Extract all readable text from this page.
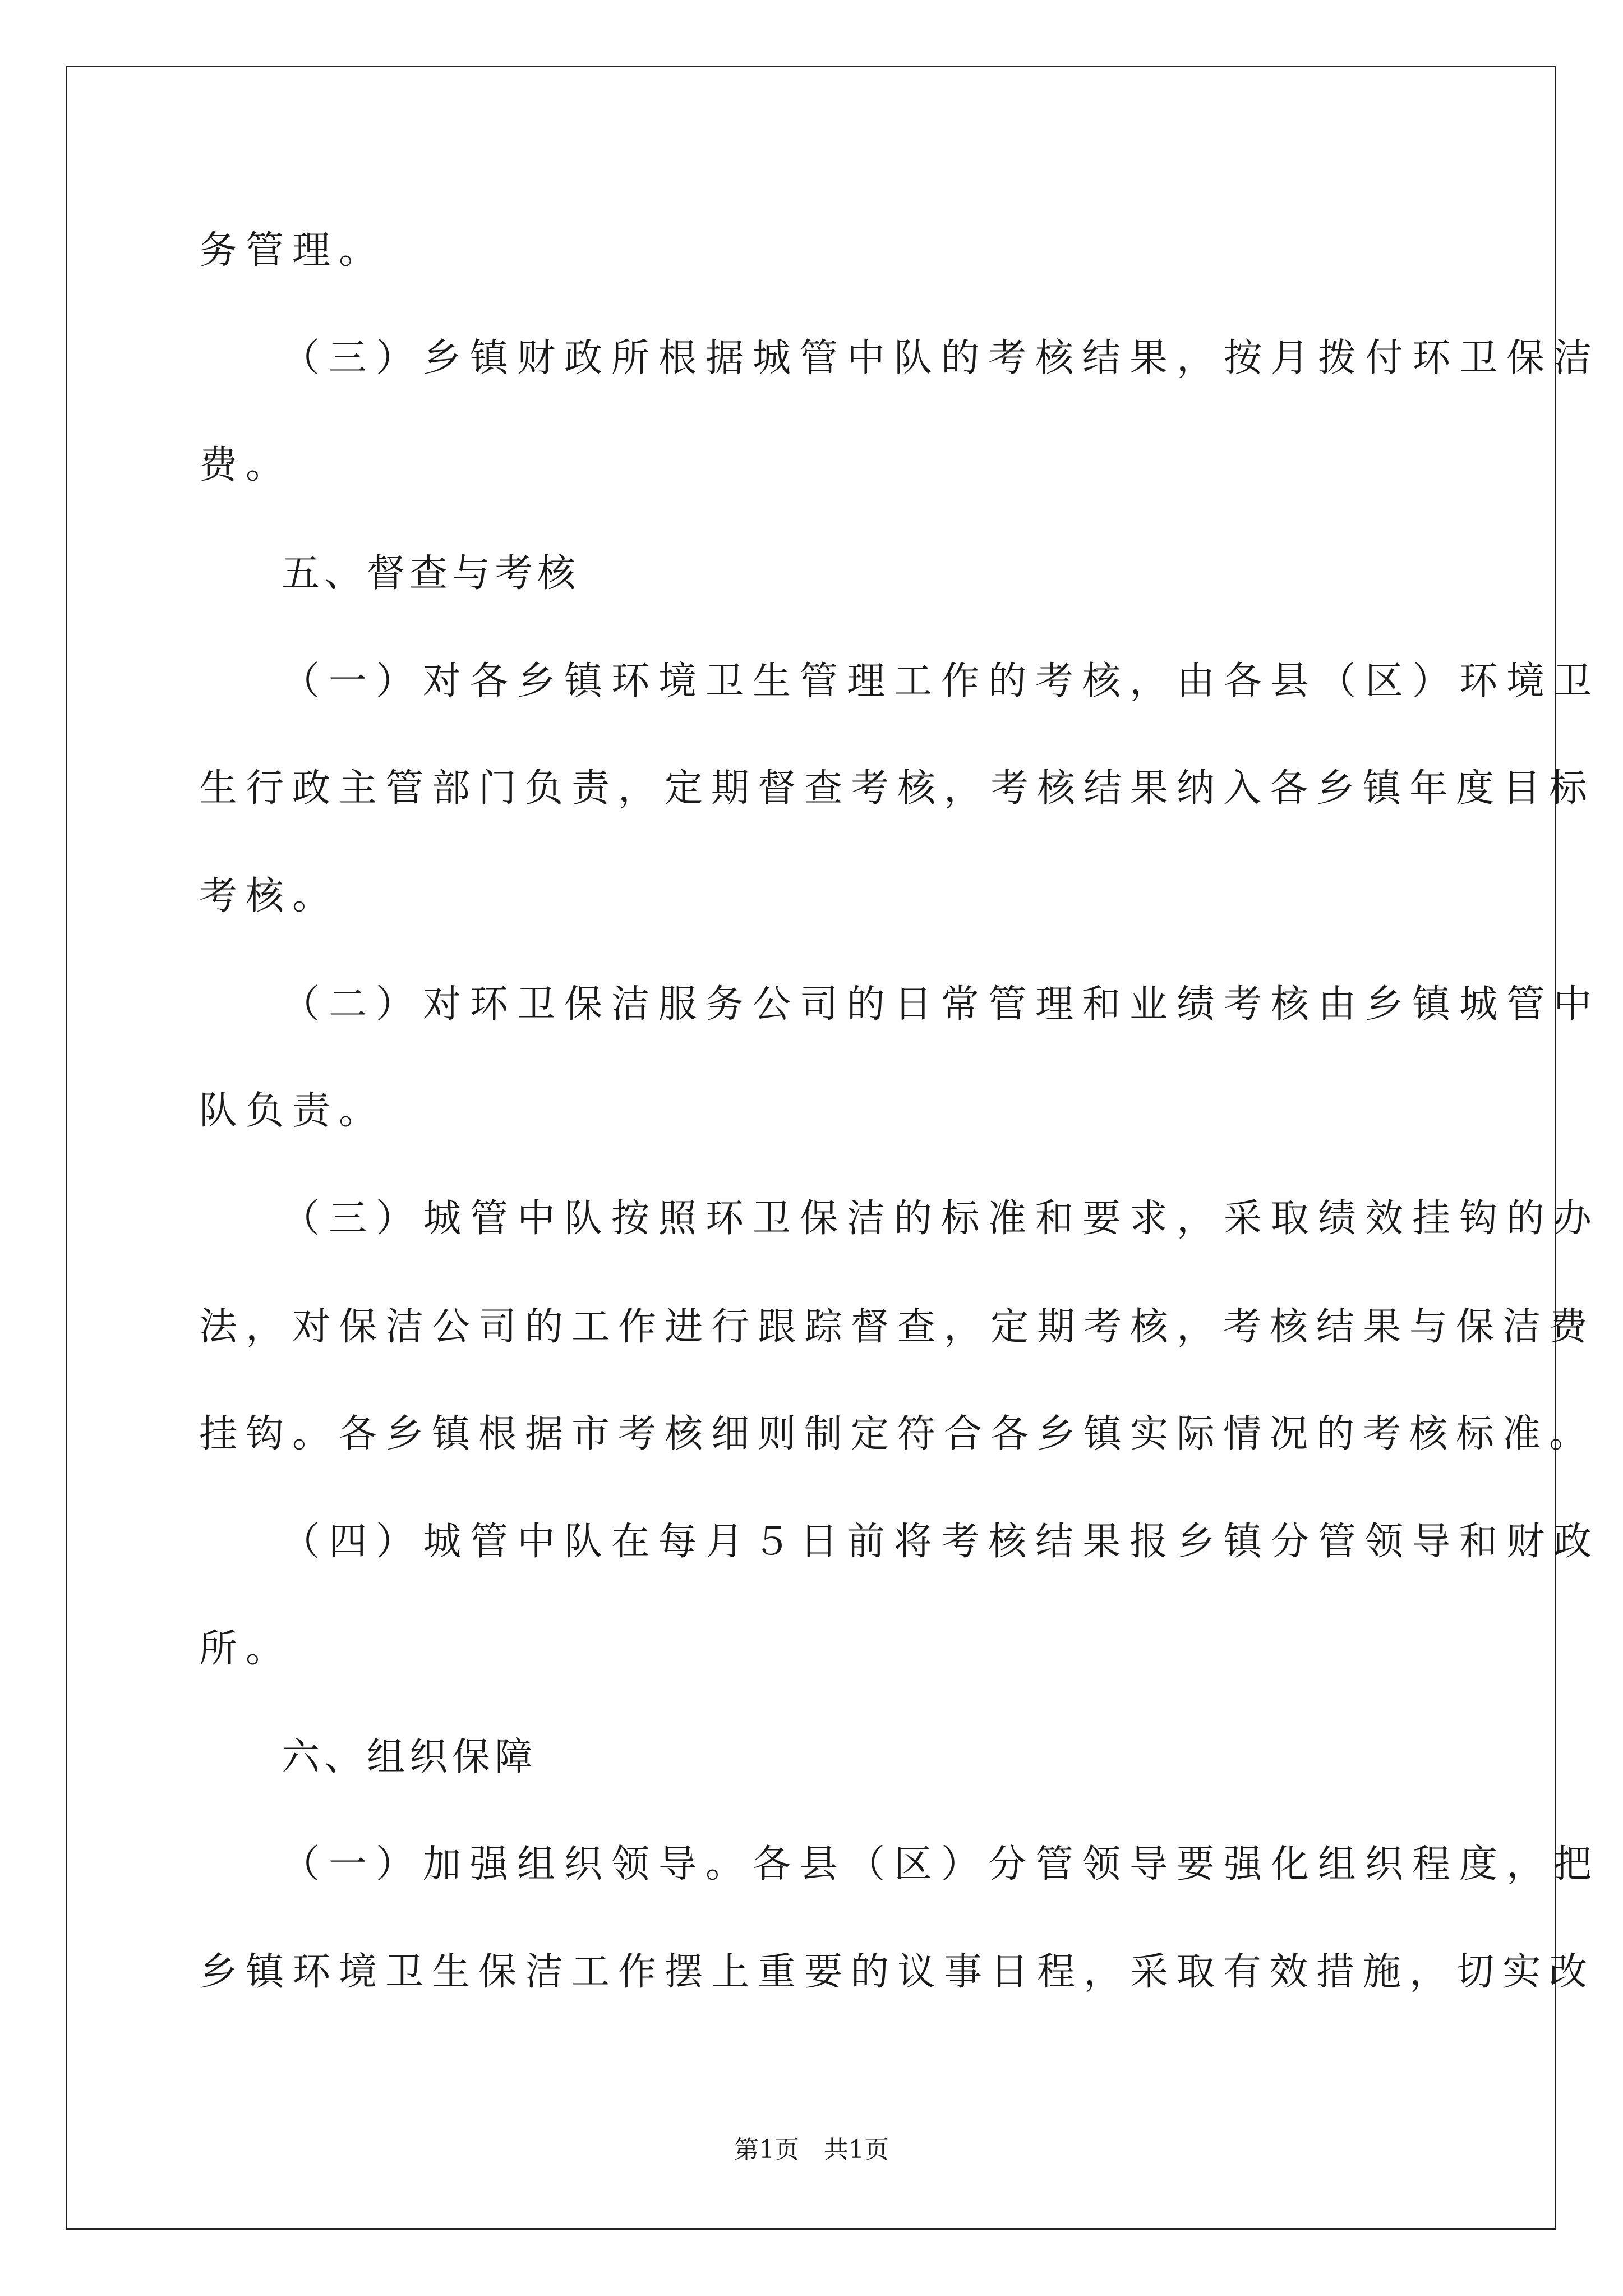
务管理。

（三）乡镇财政所根据城管中队的考核结果，按月拨付环卫保洁

费。

五、督查与考核

（一）对各乡镇环境卫生管理工作的考核，由各县（区）环境卫

生行政主管部门负责，定期督查考核，考核结果纳入各乡镇年度目标

考核。

（二）对环卫保洁服务公司的日常管理和业绩考核由乡镇城管中

队负责。

（三）城管中队按照环卫保洁的标准和要求，采取绩效挂钩的办

法，对保洁公司的工作进行跟踪督查，定期考核，考核结果与保洁费

挂钩。各乡镇根据市考核细则制定符合各乡镇实际情况的考核标准。

（四）城管中队在每月５日前将考核结果报乡镇分管领导和财政

所。

六、组织保障

（一）加强组织领导。各县（区）分管领导要强化组织程度，把

乡镇环境卫生保洁工作摆上重要的议事日程，采取有效措施，切实改

第1页　共1页
